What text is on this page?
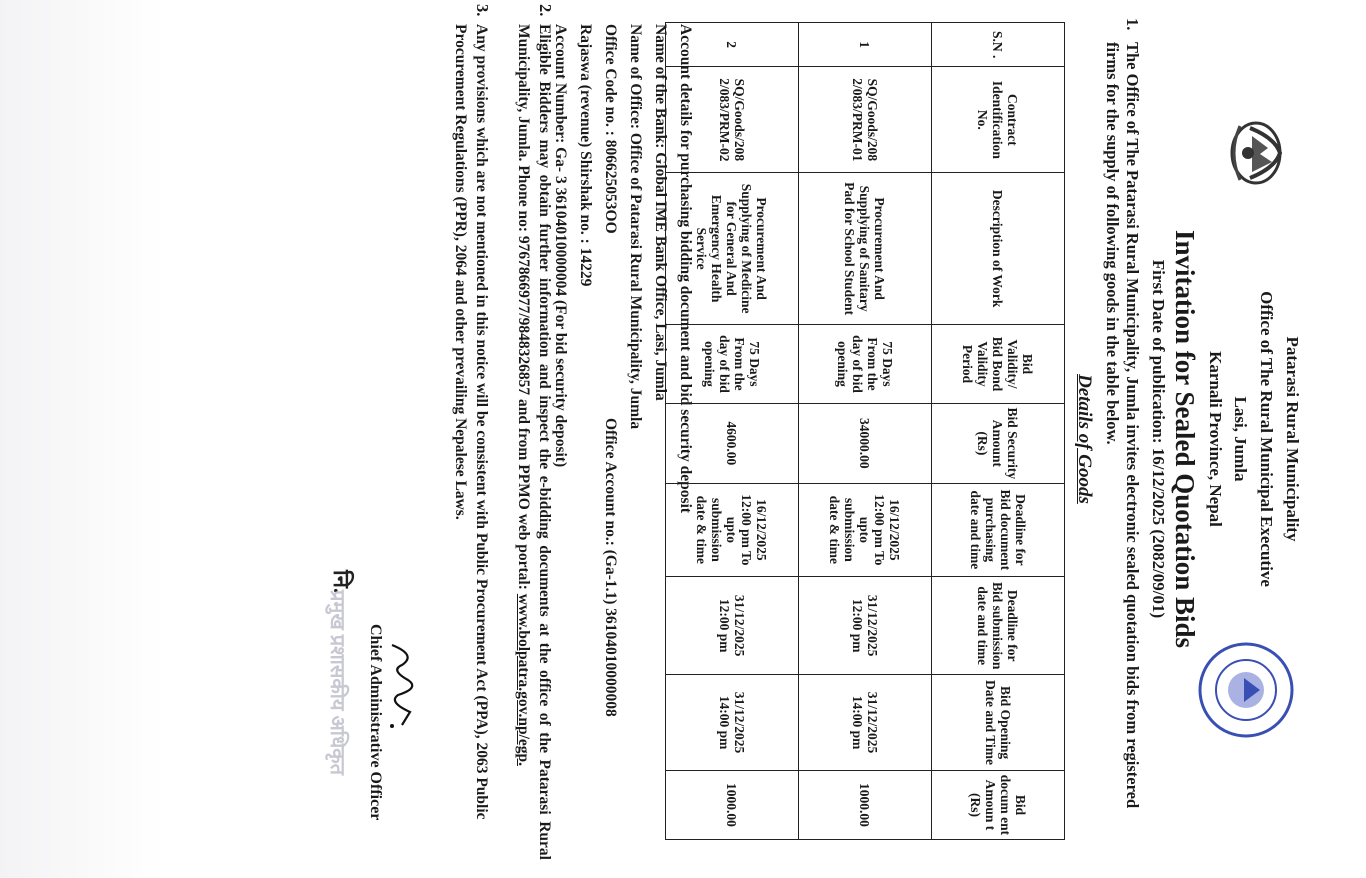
Patarasi Rural Municipality
Office of The Rural Municipal Executive
Lasi, Jumla
Karnali Province, Nepal
Invitation for Sealed Quotation Bids
First Date of publication: 16/12/2025 (2082/09/01)
1.
The Office of The Patarasi Rural Municipality, Jumla invites electronic sealed quotation bids from registered firms for the supply of following goods in the table below.
Details of Goods
S.N .	Contract Identification No.	Description of Work	Bid Validity/ Bid Bond Validity Period	Bid Security Amount (Rs)	Deadline for Bid document purchasing date and time	Deadline for Bid submission date and time	Bid Opening Date and Time	Bid docum ent Amoun t (Rs)
1	SQ/Goods/208 2/083/PRM-01	Procurement And Supplying of Sanitary Pad for School Student	75 Days From the day of bid opening	34000.00	16/12/2025 12:00 pm To upto submission date & time	31/12/2025 12:00 pm	31/12/2025 14:00 pm	1000.00
2	SQ/Goods/208 2/083/PRM-02	Procurement And Supplying of Medicine for General And Emergency Health Service	75 Days From the day of bid opening	4600.00	16/12/2025 12:00 pm To upto submission date & time	31/12/2025 12:00 pm	31/12/2025 14:00 pm	1000.00
Account details for purchasing bidding document and bid security deposit
Name of the Bank: Global IME Bank Office, Lasi, Jumla
Name of Office: Office of Patarasi Rural Municipality, Jumla
Office Code no. : 806625053OO
Office Account no.: (Ga-1.1) 36104010000008
Rajaswa (revenue) Shirshak no. : 14229
Account Number: Ga- 3 36104010000004 (For bid security deposit)
2.
Eligible Bidders may obtain further information and inspect the e-bidding documents at the office of the Patarasi Rural Municipality, Jumla. Phone no: 9767866977/9848326857 and from PPMO web portal: www.bolpatra.gov.np/egp.
3.
Any provisions which are not mentioned in this notice will be consistent with Public Procurement Act (PPA), 2063 Public Procurement Regulations (PPR), 2064 and other prevailing Nepalese Laws.
Chief Administrative Officer
नि.
प्रमुख प्रशासकीय अधिकृत
